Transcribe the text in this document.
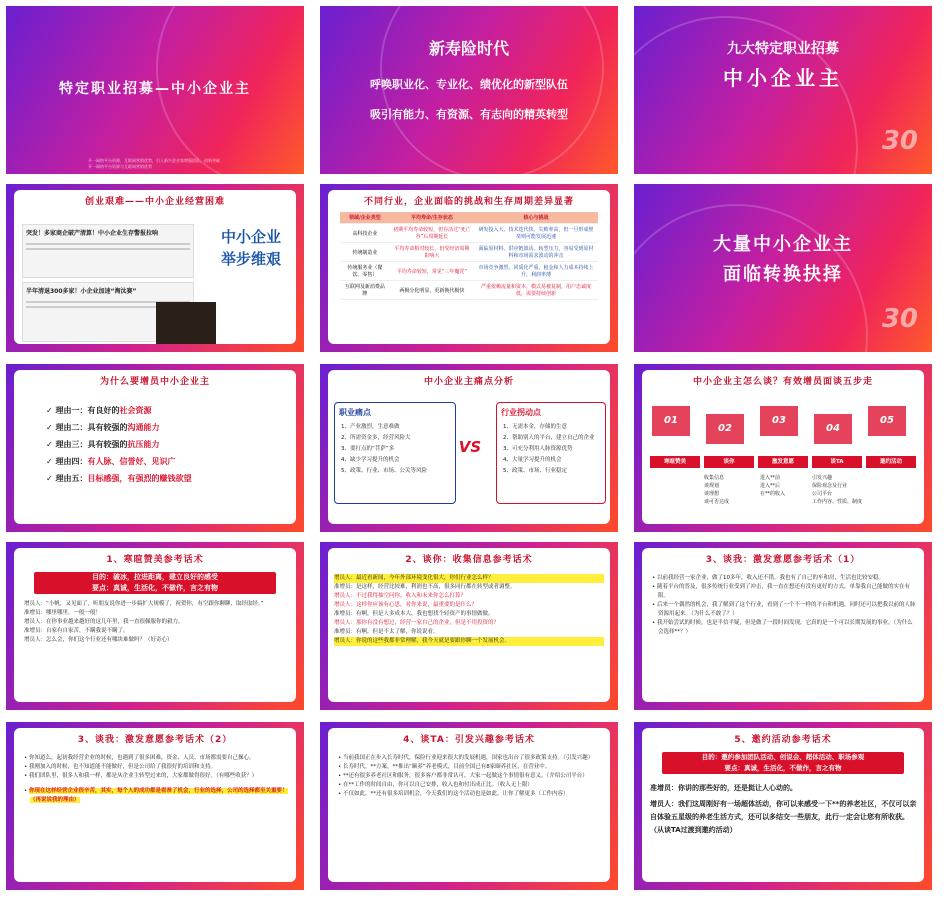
特定职业招募—中小企业主
开一网络平台资源，互联网营销优势，引入新兴企业家增强团队，创新突破
开一网络平台资源与互联网营销优势
新寿险时代
呼唤职业化、专业化、绩优化的新型队伍
吸引有能力、有资源、有志向的精英转型
九大特定职业招募
中小企业主
30
创业艰难——中小企业经营困难
突发！多家商企破产清算！中小企业生存警报拉响
半年清退300多家！小企业加速“淘汰赛”
中小企业
举步维艰
不同行业，企业面临的挑战和生存周期差异显著
领域/企业类型	平均寿命/生存状态	核心与挑战
高科技企业	初期平均寿命较短，但存活过“死亡谷”后周期延长	研发投入大、技术迭代快、失败率高，但一旦形成壁垒则可能发展迅速
传统制造业	平均寿命相对较长，但受经济周期影响大	面临原材料、供应链波动、转型压力，容易受到原材料和市场需求波动的冲击
传统服务业（餐饮、零售）	平均寿命较短，常见“三年魔咒”	市场竞争激烈、同质化严重、租金和人力成本持续上升，利润率薄
互联网及新消费品牌	两极分化明显，更新换代极快	严重依赖流量和资本，模式易被复制，用户忠诚度低，需要持续创新
大量中小企业主
面临转换抉择
30
为什么要增员中小企业主
✓ 理由一：有良好的社会资源
✓ 理由二：具有较强的沟通能力
✓ 理由三：具有较强的抗压能力
✓ 理由四：有人脉、信誉好、见识广
✓ 理由五：目标感强，有强烈的赚钱欲望
中小企业主痛点分析
职业痛点
1、产业激烈，生意难做
2、所需资金多，经营风险大
3、要打点的“菩萨”多
4、缺少学习提升的机会
5、政策、行业、市场、公关等风险
VS
行业拐动点
1、无需本金，存储的生意
2、帮助别人的平台，建立自己的企业
3、可充分利用人脉资源优势
4、大量学习提升的机会
5、政策、市场、行业稳定
中小企业主怎么谈？有效增员面谈五步走
01
02
03
04
05
寒暄赞美	谈你	激发意愿	谈TA	邀约活动
收集信息
谈规划
谈理想
谈可否达成
进入**前
进入**后
在**的收入
引发兴趣
保险观念及行业
公司平台
工作内容、性质、制度
1、寒暄赞美参考话术
目的：破冰，拉进距离，建立良好的感受
要点：真诚，生活化，不做作，言之有物
增员人：“小帆，又见面了，听朋友说你进一步搞扩大规模了，祝贺你，有空跟你聊聊，取经取经。”
准增员：哪里哪里，一般一般！
增员人：在你事业越来越好的这几年里，我一直很佩服你的毅力。
准增员：自家有自家苦，不瞒我说不瞒了。
增员人：怎么会，你们这个行业还有哪块难做吗？（好奇心）
2、谈你：收集信息参考话术
增员人：最近看新闻，今年外部环境变化很大，你们行业怎么样？
准增员：是这样，经营比较难，利润也不高，很多同行都在转型或者调整。
增员人：不过我得抽空问你，收入和未来你怎么打算？
增员人：这样你应该有心思，对你来说，最重要的是什么？
准增员：有啊，但是人多成本大，我也想找个轻资产的事情做做。
增员人：那你有没有想过，经营一家自己的企业，但是不用投资的？
准增员：有啊，但是不太了解，你说说看。
增员人：你说的这些我都非常理解，我今天就是要跟你聊一个发展机会。
3、谈我：激发意愿参考话术（1）

• 以前我经营一家企业，做了10多年，收入还不错，我也有了自己的车和房，生活也比较安稳。

• 随着平台的普及，很多传统行业受到了冲击，我一直在想还有没有更好的方式，单靠我自己能做的实在有限。

• 后来一个偶然的机会，我了解到了这个行业，看到了一个不一样的平台和机遇，同时还可以把我以前的人脉资源用起来。（为什么不敢了？）

• 我开始尝试的时候，也是半信半疑，但是做了一段时间发现，它真的是一个可以长期发展的事业。（为什么会选择**？）

3、谈我：激发意愿参考话术（2）

• 你知道么，起初我经营企业的时候，也遇到了很多困难，资金、人员、市场都需要自己操心。

• 我刚加入的时候，也不知道能不能做好，但是公司给了我很好的培训和支持。

• 我们团队里，很多人和我一样，都是从企业主转型过来的，大家都做得很好。（有哪些收获？）

• 你现在这样经营企业很辛苦，其实，每个人的成功都是看准了机会，行业的选择，公司的选择都至关重要！（再说说我的理由）

4、谈TA：引发兴趣参考话术

• 当前我国正在步入长寿时代，保险行业迎来很大的发展机遇，国家也出台了很多政策支持。（引发兴趣）

• 长寿时代，**方案，**推出“颐养”养老模式，目前全国已有8家颐养社区，在营业中。

• **还有很多养老社区和服务，很多客户都非常认可，大家一起做这个事情很有意义。（介绍公司平台）

• 在**工作的时间自由，你可以自己安排，收入也和付出成正比。（收入无上限）

• 不仅如此，**还有很多培训机会，今天我们的这个活动也是如此，让你了解更多（工作内容）

5、邀约活动参考话术
目的：邀约参加团队活动、创说会、超体活动、职场参观
要点：真诚，生活化，不做作，言之有物
准增员：你讲的那些好的，还是挺让人心动的。
增员人：我们这周刚好有一场超体活动，你可以来感受一下**的养老社区，不仅可以亲自体验五星级的养老生活方式，还可以多结交一些朋友，此行一定会让您有所收获。（从谈TA过渡到邀约活动）
